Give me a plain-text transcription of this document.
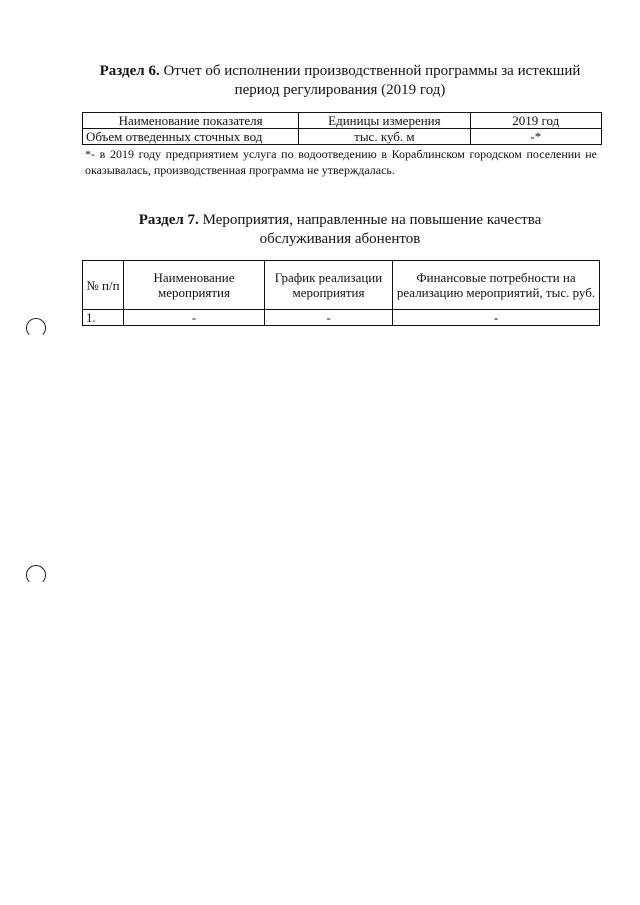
Раздел 6. Отчет об исполнении производственной программы за истекший
период регулирования (2019 год)
Наименование показателя	Единицы измерения	2019 год
Объем отведенных сточных вод	тыс. куб. м	-*
*- в 2019 году предприятием услуга по водоотведению в Кораблинском городском поселении не оказывалась, производственная программа не утверждалась.
Раздел 7. Мероприятия, направленные на повышение качества
обслуживания абонентов
№ п/п	Наименование мероприятия	График реализации мероприятия	Финансовые потребности на реализацию мероприятий, тыс. руб.
1.	-	-	-
